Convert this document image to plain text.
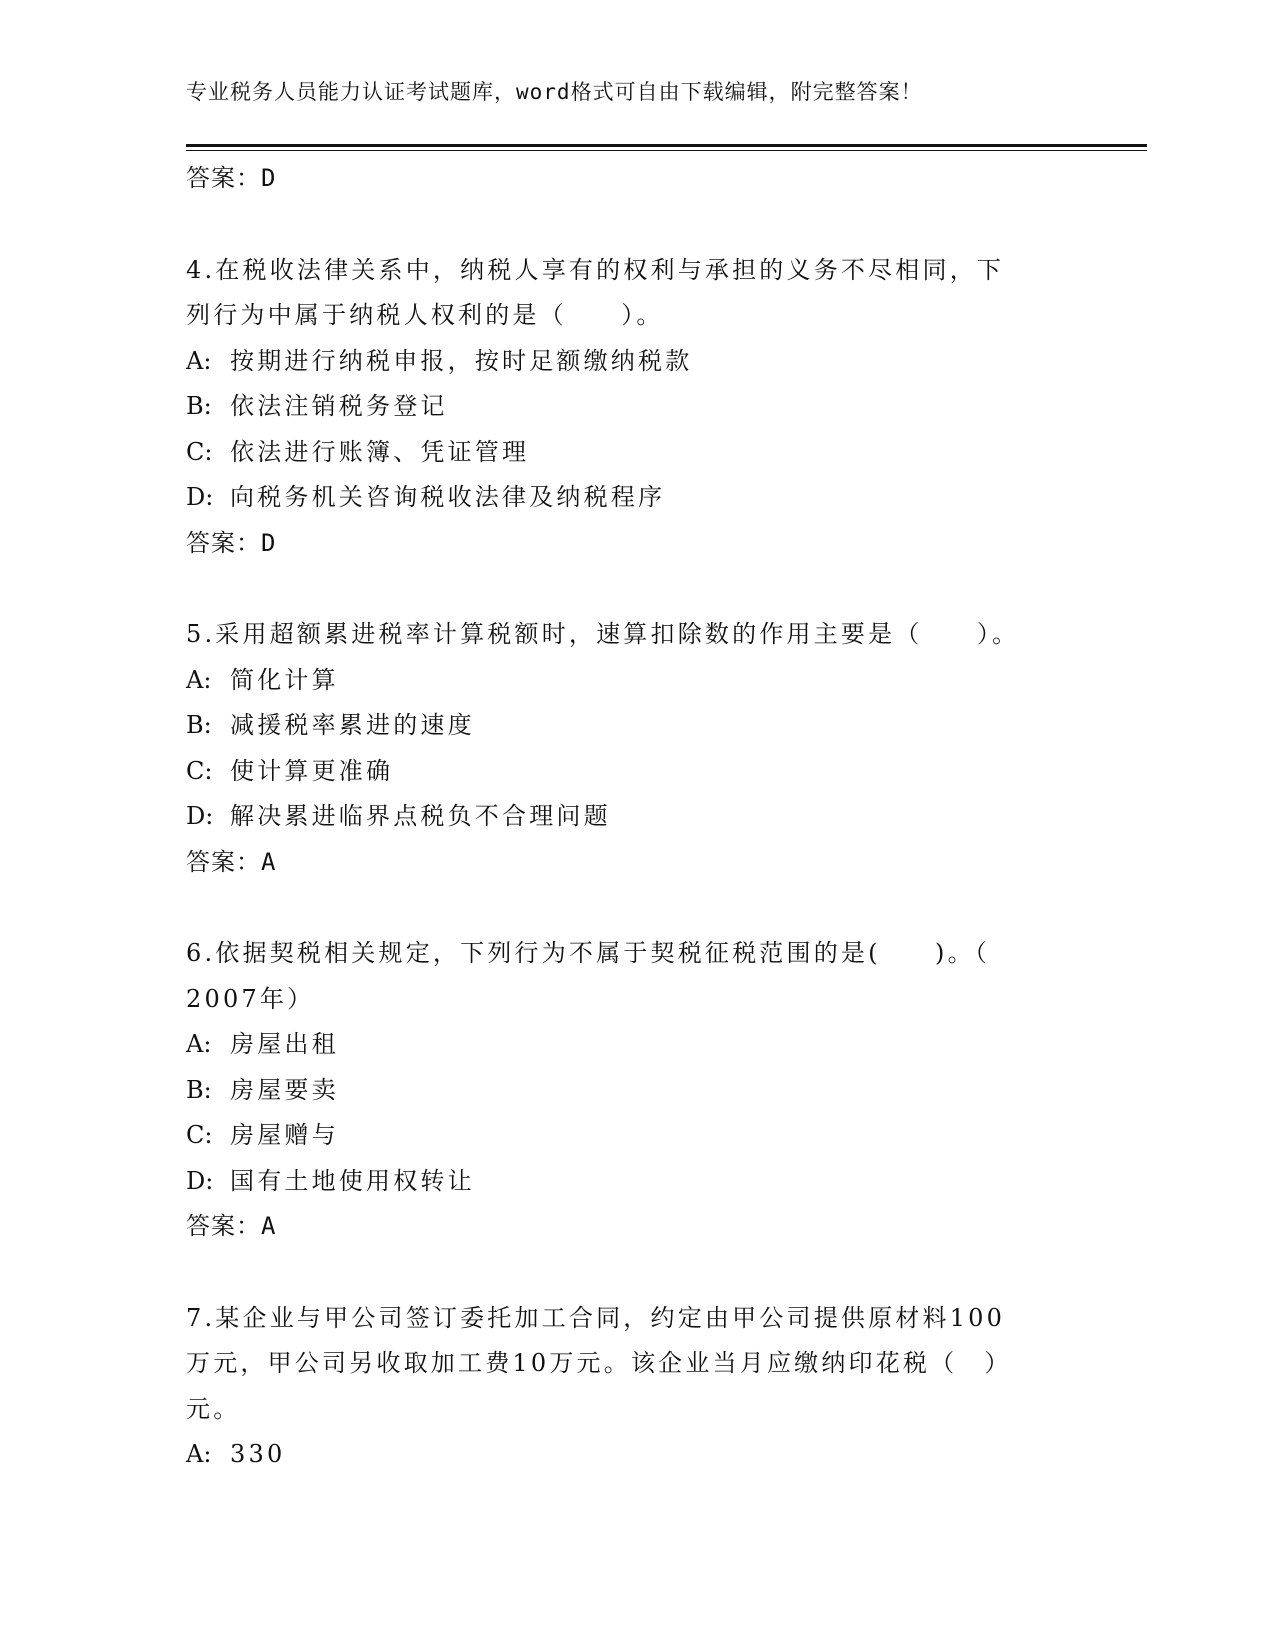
专业税务人员能力认证考试题库，word格式可自由下载编辑，附完整答案！
答案：D
4.在税收法律关系中，纳税人享有的权利与承担的义务不尽相同，下
列行为中属于纳税人权利的是（　　）。
A: 按期进行纳税申报，按时足额缴纳税款
B: 依法注销税务登记
C: 依法进行账簿、凭证管理
D: 向税务机关咨询税收法律及纳税程序
答案：D
5.采用超额累进税率计算税额时，速算扣除数的作用主要是（　　）。
A: 简化计算
B: 减援税率累进的速度
C: 使计算更准确
D: 解决累进临界点税负不合理问题
答案：A
6.依据契税相关规定，下列行为不属于契税征税范围的是(　　)。（
2007年）
A: 房屋出租
B: 房屋要卖
C: 房屋赠与
D: 国有土地使用权转让
答案：A
7.某企业与甲公司签订委托加工合同，约定由甲公司提供原材料100
万元，甲公司另收取加工费10万元。该企业当月应缴纳印花税（　）
元。
A: 330
